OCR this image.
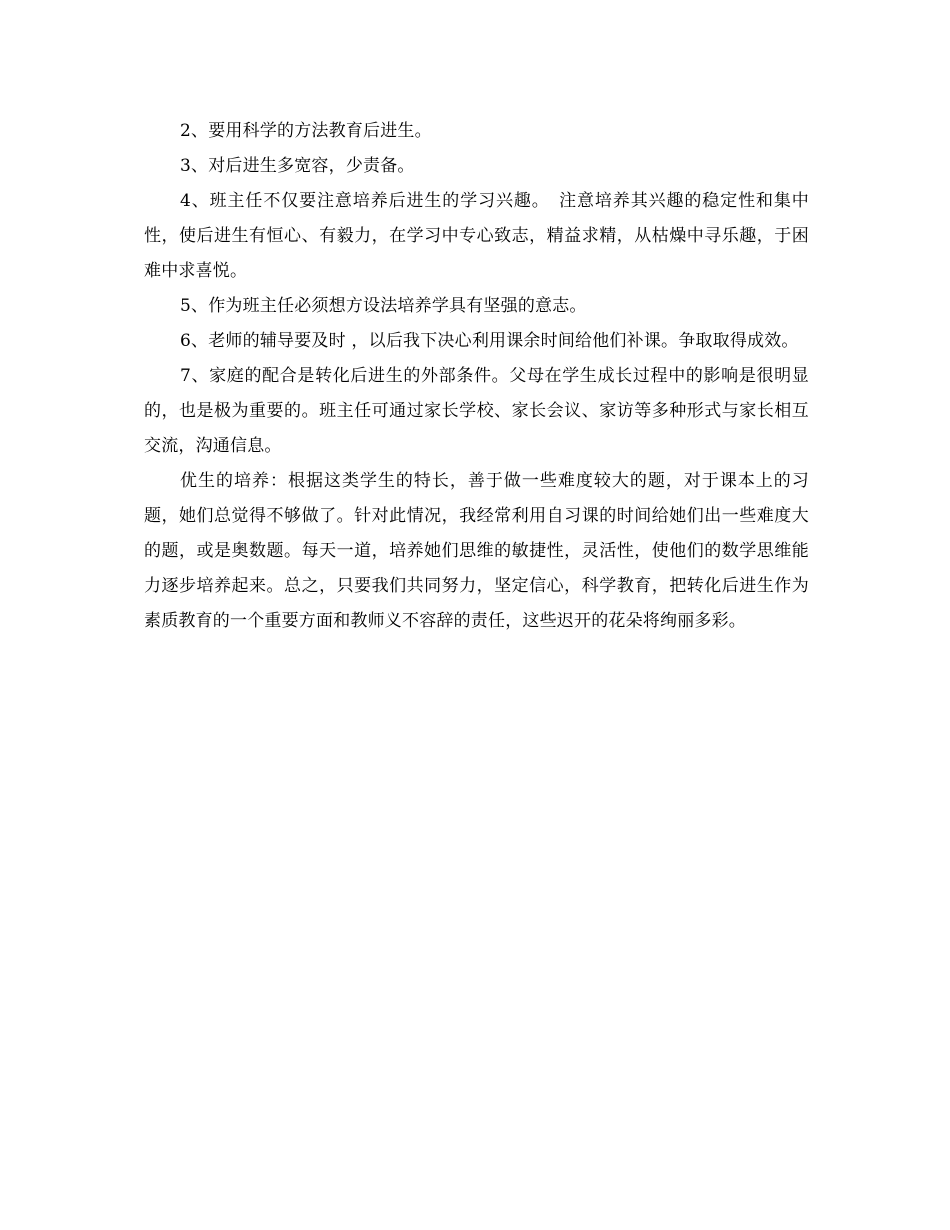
2、要用科学的方法教育后进生。

3、对后进生多宽容，少责备。

4、班主任不仅要注意培养后进生的学习兴趣。　注意培养其兴趣的稳定性和集中性，使后进生有恒心、有毅力，在学习中专心致志，精益求精，从枯燥中寻乐趣，于困难中求喜悦。

5、作为班主任必须想方设法培养学具有坚强的意志。

6、老师的辅导要及时 ，以后我下决心利用课余时间给他们补课。争取取得成效。

7、家庭的配合是转化后进生的外部条件。父母在学生成长过程中的影响是很明显的，也是极为重要的。班主任可通过家长学校、家长会议、家访等多种形式与家长相互交流，沟通信息。

优生的培养：根据这类学生的特长，善于做一些难度较大的题，对于课本上的习题，她们总觉得不够做了。针对此情况，我经常利用自习课的时间给她们出一些难度大的题，或是奥数题。每天一道，培养她们思维的敏捷性，灵活性，使他们的数学思维能力逐步培养起来。总之，只要我们共同努力，坚定信心，科学教育，把转化后进生作为素质教育的一个重要方面和教师义不容辞的责任，这些迟开的花朵将绚丽多彩。
